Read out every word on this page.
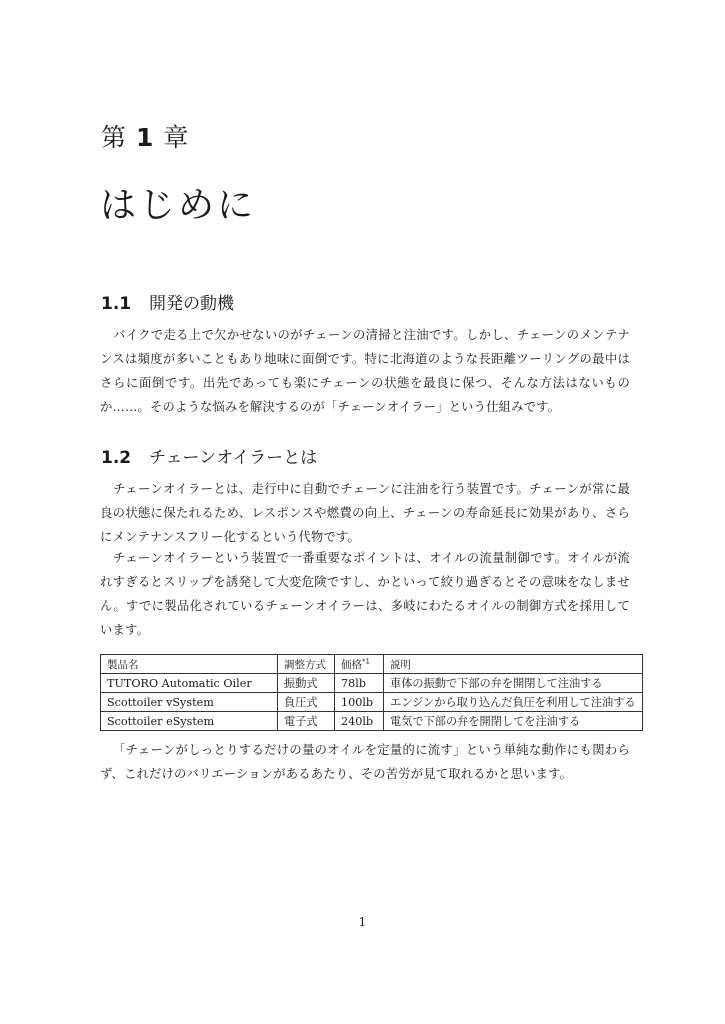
第 1 章
はじめに
1.1 開発の動機

バイクで走る上で欠かせないのがチェーンの清掃と注油です。しかし、チェーンのメンテナンスは頻度が多いこともあり地味に面倒です。特に北海道のような長距離ツーリングの最中はさらに面倒です。出先であっても楽にチェーンの状態を最良に保つ、そんな方法はないものか……。そのような悩みを解決するのが「チェーンオイラー」という仕組みです。

1.2 チェーンオイラーとは

チェーンオイラーとは、走行中に自動でチェーンに注油を行う装置です。チェーンが常に最良の状態に保たれるため、レスポンスや燃費の向上、チェーンの寿命延長に効果があり、さらにメンテナンスフリー化するという代物です。

チェーンオイラーという装置で一番重要なポイントは、オイルの流量制御です。オイルが流れすぎるとスリップを誘発して大変危険ですし、かといって絞り過ぎるとその意味をなしません。すでに製品化されているチェーンオイラーは、多岐にわたるオイルの制御方式を採用しています。

製品名	調整方式	価格$^{*1}$	説明
TUTORO Automatic Oiler	振動式	78lb	車体の振動で下部の弁を開閉して注油する
Scottoiler vSystem	負圧式	100lb	エンジンから取り込んだ負圧を利用して注油する
Scottoiler eSystem	電子式	240lb	電気で下部の弁を開閉してを注油する

「チェーンがしっとりするだけの量のオイルを定量的に流す」という単純な動作にも関わらず、これだけのバリエーションがあるあたり、その苦労が見て取れるかと思います。

1
